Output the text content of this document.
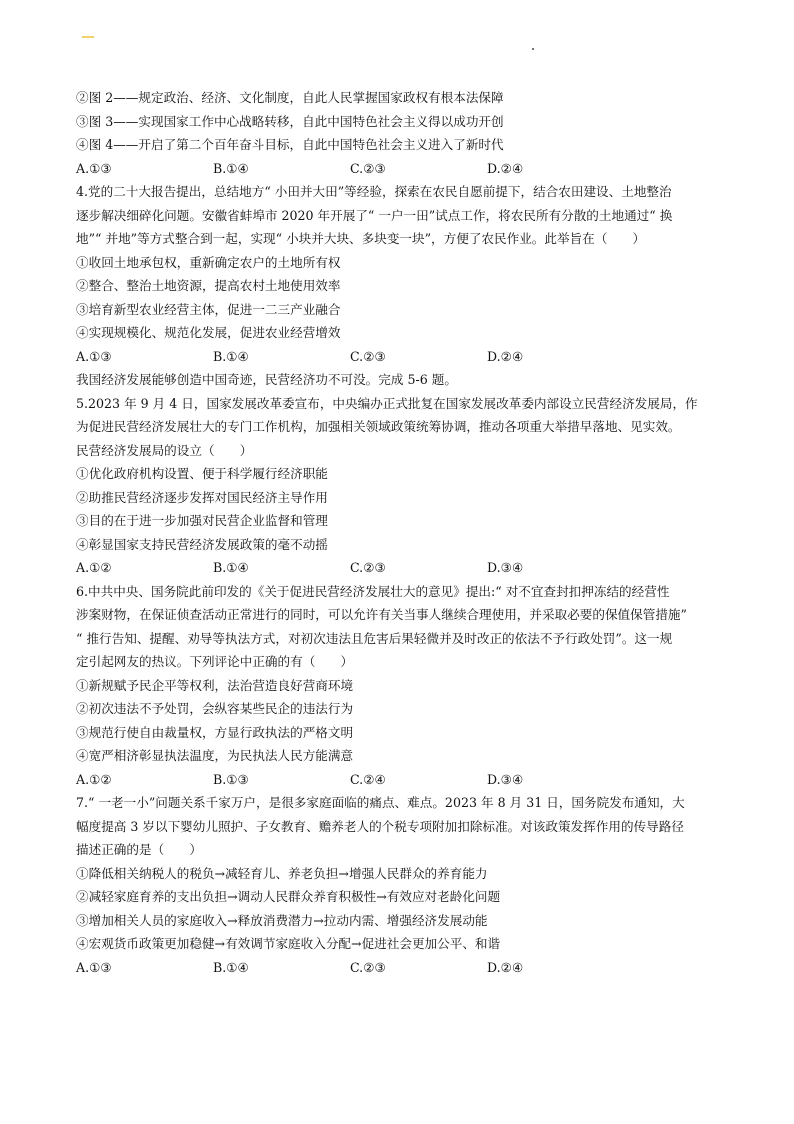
②图 2——规定政治、经济、文化制度，自此人民掌握国家政权有根本法保障
③图 3——实现国家工作中心战略转移，自此中国特色社会主义得以成功开创
④图 4——开启了第二个百年奋斗目标，自此中国特色社会主义进入了新时代
A.①③	B.①④	C.②③	D.②④
4.党的二十大报告提出，总结地方“ 小田并大田”等经验，探索在农民自愿前提下，结合农田建设、土地整治
逐步解决细碎化问题。安徽省蚌埠市 2020 年开展了“ 一户一田”试点工作，将农民所有分散的土地通过“ 换
地”“ 并地”等方式整合到一起，实现“ 小块并大块、多块变一块”，方便了农民作业。此举旨在（　　）
①收回土地承包权，重新确定农户的土地所有权
②整合、整治土地资源，提高农村土地使用效率
③培育新型农业经营主体，促进一二三产业融合
④实现规模化、规范化发展，促进农业经营增效
A.①③	B.①④	C.②③	D.②④
我国经济发展能够创造中国奇迹，民营经济功不可没。完成 5-6 题。
5.2023 年 9 月 4 日，国家发展改革委宣布，中央编办正式批复在国家发展改革委内部设立民营经济发展局，作
为促进民营经济发展壮大的专门工作机构，加强相关领域政策统筹协调，推动各项重大举措早落地、见实效。
民营经济发展局的设立（　　）
①优化政府机构设置、便于科学履行经济职能
②助推民营经济逐步发挥对国民经济主导作用
③目的在于进一步加强对民营企业监督和管理
④彰显国家支持民营经济发展政策的毫不动摇
A.①②	B.①④	C.②③	D.③④
6.中共中央、国务院此前印发的《关于促进民营经济发展壮大的意见》提出:“ 对不宜查封扣押冻结的经营性
涉案财物，在保证侦查活动正常进行的同时，可以允许有关当事人继续合理使用，并采取必要的保值保管措施”
“ 推行告知、提醒、劝导等执法方式，对初次违法且危害后果轻微并及时改正的依法不予行政处罚”。这一规
定引起网友的热议。下列评论中正确的有（　　）
①新规赋予民企平等权利，法治营造良好营商环境
②初次违法不予处罚，会纵容某些民企的违法行为
③规范行使自由裁量权，方显行政执法的严格文明
④宽严相济彰显执法温度，为民执法人民方能满意
A.①②	B.①③	C.②④	D.③④
7.“ 一老一小”问题关系千家万户，是很多家庭面临的痛点、难点。2023 年 8 月 31 日，国务院发布通知，大
幅度提高 3 岁以下婴幼儿照护、子女教育、赡养老人的个税专项附加扣除标准。对该政策发挥作用的传导路径
描述正确的是（　　）
①降低相关纳税人的税负→减轻育儿、养老负担→增强人民群众的养育能力
②减轻家庭育养的支出负担→调动人民群众养育积极性→有效应对老龄化问题
③增加相关人员的家庭收入→释放消费潜力→拉动内需、增强经济发展动能
④宏观货币政策更加稳健→有效调节家庭收入分配→促进社会更加公平、和谐
A.①③	B.①④	C.②③	D.②④
